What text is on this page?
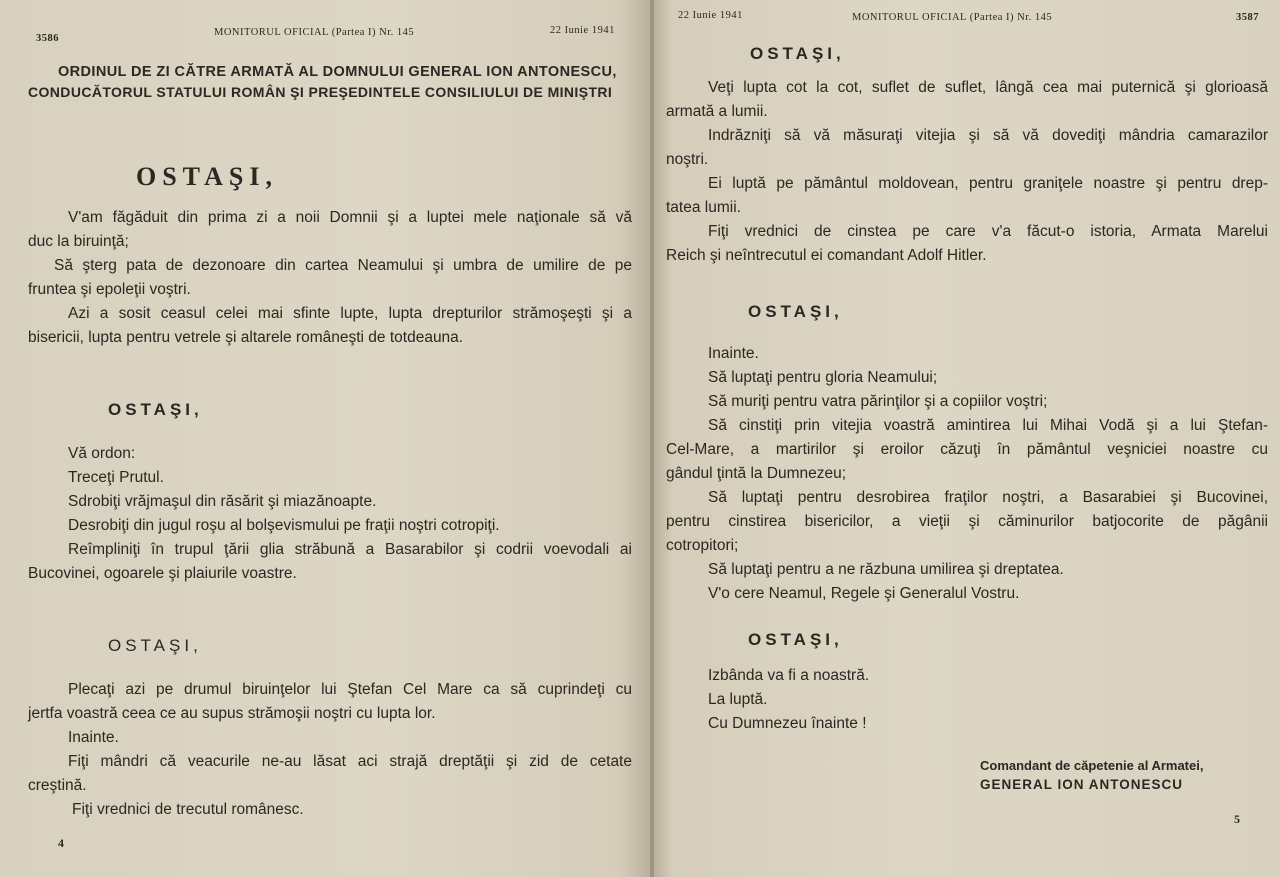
3586
MONITORUL OFICIAL (Partea I) Nr. 145	22 Iunie 1941
ORDINUL DE ZI CĂTRE ARMATĂ AL DOMNULUI GENERAL ION ANTONESCU,
CONDUCĂTORUL STATULUI ROMÂN ŞI PREŞEDINTELE CONSILIULUI DE MINIŞTRI
OSTAŞI,
V'am făgăduit din prima zi a noii Domnii şi a luptei mele naţionale să vă
duc la biruinţă;
Să şterg pata de dezonoare din cartea Neamului şi umbra de umilire de pe
fruntea şi epoleţii voştri.
Azi a sosit ceasul celei mai sfinte lupte, lupta drepturilor strămoşeşti şi a
bisericii, lupta pentru vetrele şi altarele româneşti de totdeauna.
OSTAŞI,
Vă ordon:
Treceţi Prutul.
Sdrobiţi vrăjmaşul din răsărit şi miazănoapte.
Desrobiţi din jugul roşu al bolşevismului pe fraţii noştri cotropiţi.
Reîmpliniţi în trupul ţării glia străbună a Basarabilor şi codrii voevodali ai
Bucovinei, ogoarele şi plaiurile voastre.
OSTAŞI,
Plecaţi azi pe drumul biruinţelor lui Ştefan Cel Mare ca să cuprindeţi cu
jertfa voastră ceea ce au supus strămoşii noştri cu lupta lor.
Inainte.
Fiţi mândri că veacurile ne-au lăsat aci strajă dreptăţii şi zid de cetate
creştină.
Fiţi vrednici de trecutul românesc.
4
22 Iunie 1941	MONITORUL OFICIAL (Partea I) Nr. 145	3587
OSTAŞI,
Veţi lupta cot la cot, suflet de suflet, lângă cea mai puternică şi glorioasă
armată a lumii.
Indrăzniţi să vă măsuraţi vitejia şi să vă dovediţi mândria camarazilor
noştri.
Ei luptă pe pământul moldovean, pentru graniţele noastre şi pentru drep-
tatea lumii.
Fiţi vrednici de cinstea pe care v'a făcut-o istoria, Armata Marelui
Reich şi neîntrecutul ei comandant Adolf Hitler.
OSTAŞI,
Inainte.
Să luptaţi pentru gloria Neamului;
Să muriţi pentru vatra părinţilor şi a copiilor voştri;
Să cinstiţi prin vitejia voastră amintirea lui Mihai Vodă şi a lui Ştefan-
Cel-Mare, a martirilor şi eroilor căzuţi în pământul veşniciei noastre cu
gândul ţintă la Dumnezeu;
Să luptaţi pentru desrobirea fraţilor noştri, a Basarabiei şi Bucovinei,
pentru cinstirea bisericilor, a vieţii şi căminurilor batjocorite de păgânii
cotropitori;
Să luptaţi pentru a ne răzbuna umilirea şi dreptatea.
V'o cere Neamul, Regele şi Generalul Vostru.
OSTAŞI,
Izbânda va fi a noastră.
La luptă.
Cu Dumnezeu înainte !
Comandant de căpetenie al Armatei,
GENERAL ION ANTONESCU
5
